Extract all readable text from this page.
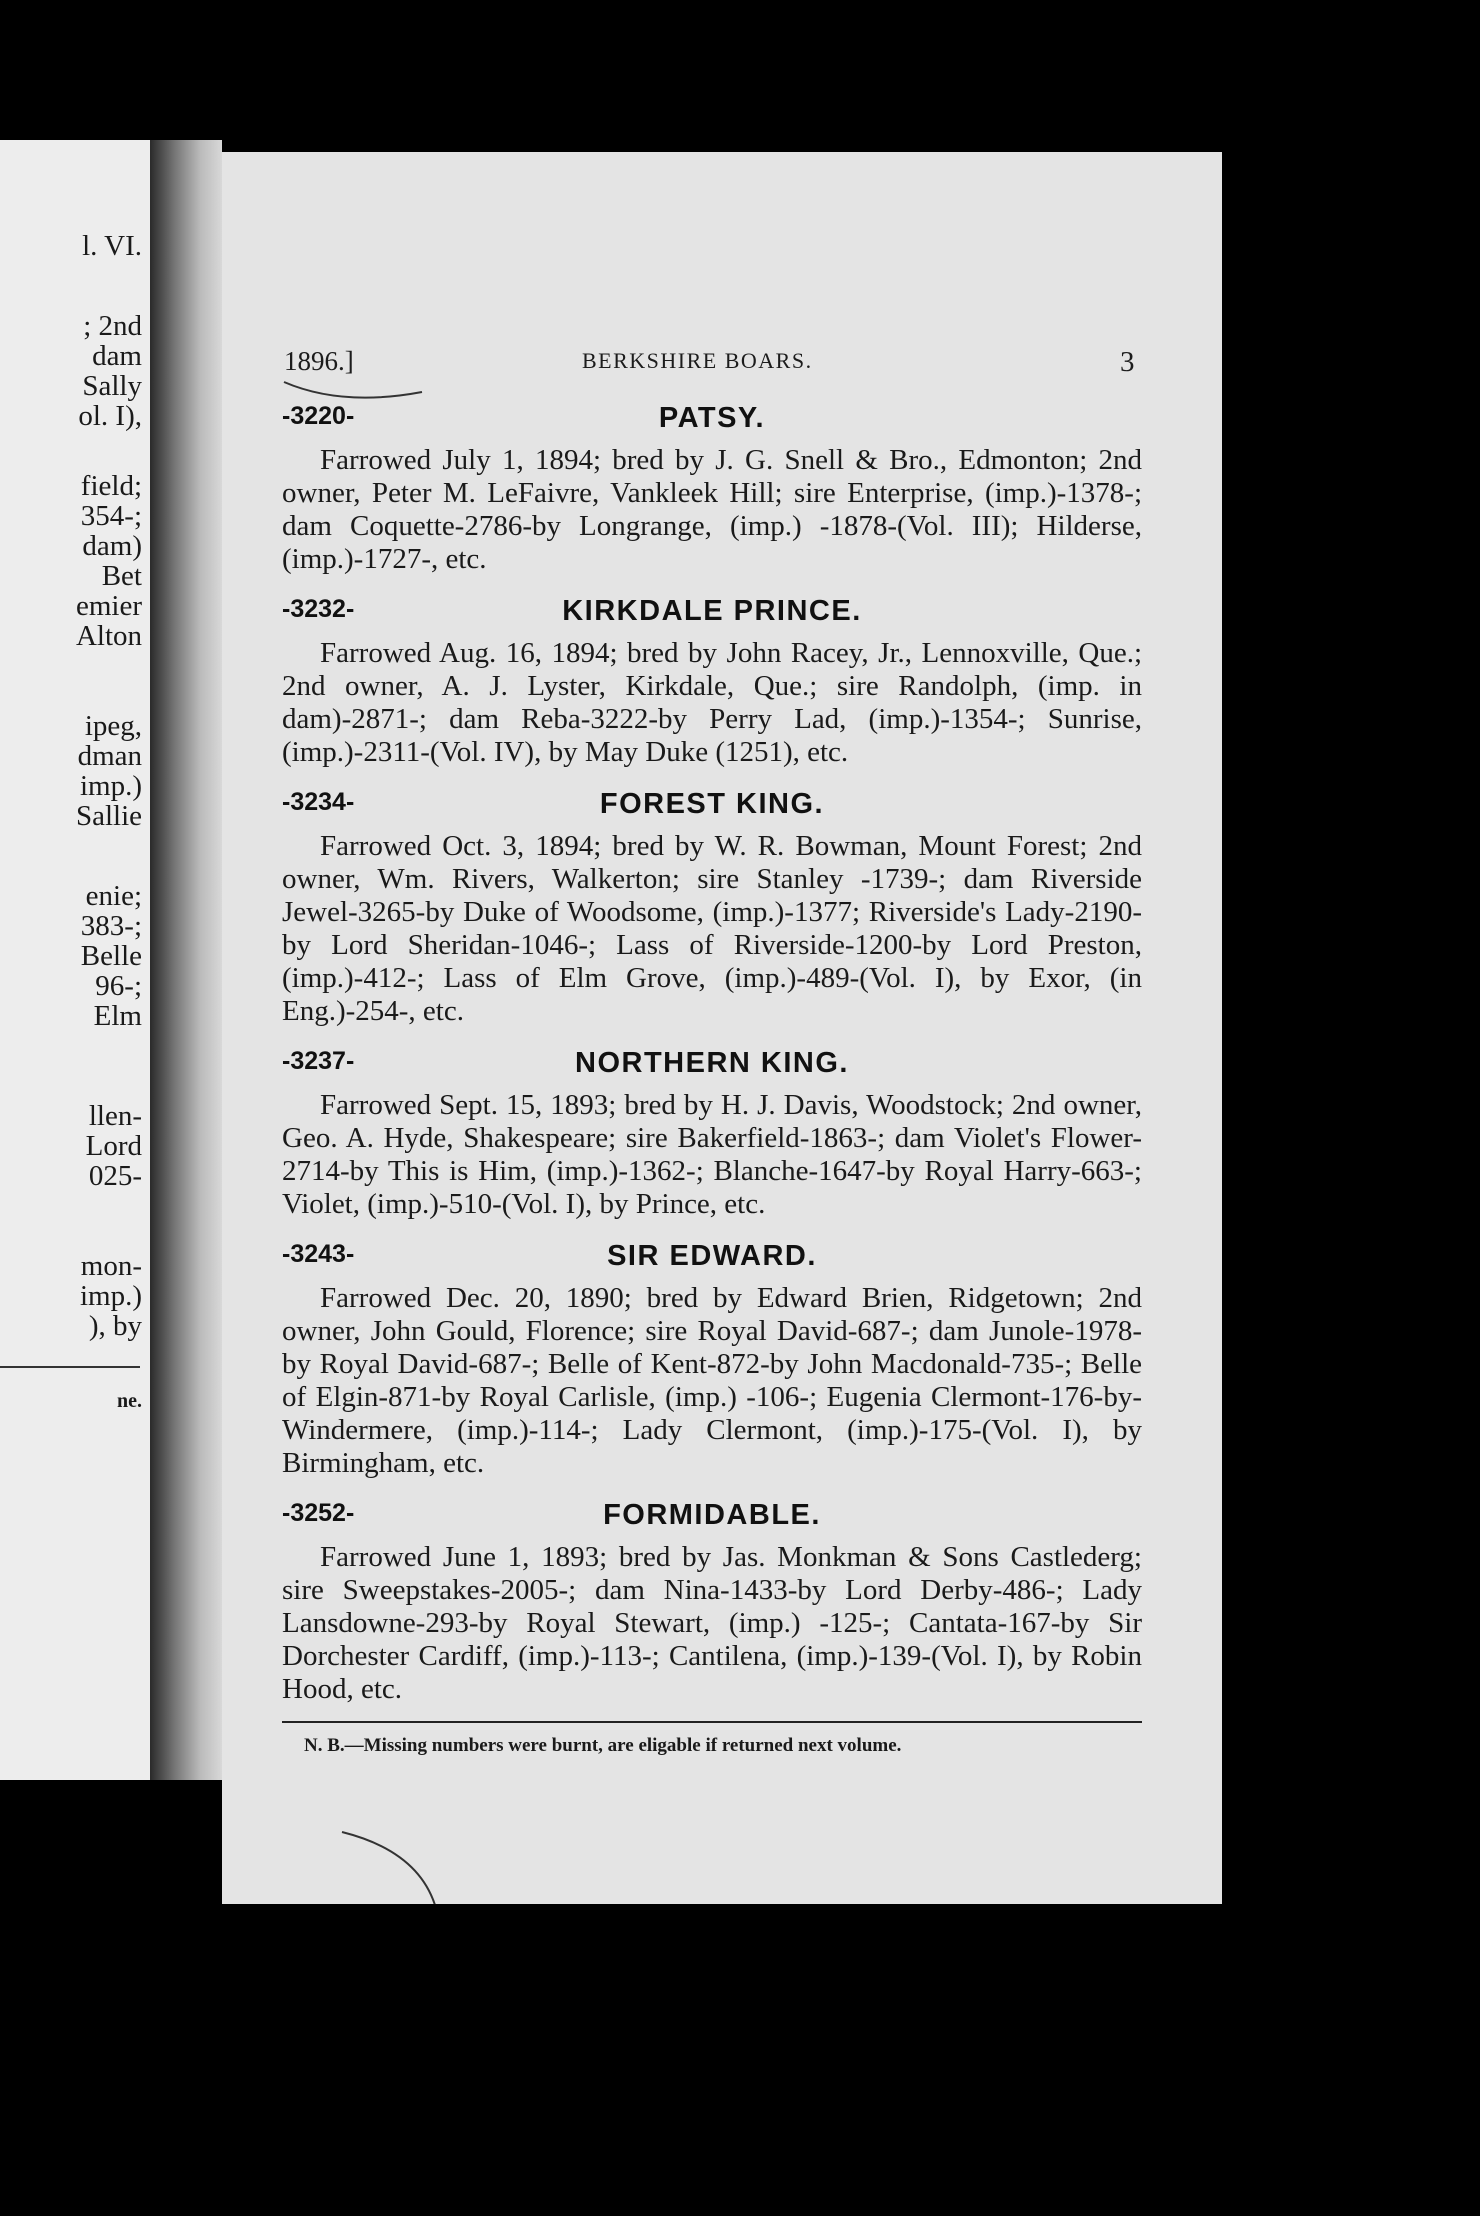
l. VI.
; 2nd
dam
Sally
ol. I),
field;
354-;
dam)
Bet
emier
Alton
ipeg,
dman
imp.)
Sallie
enie;
383-;
Belle
96-;
Elm
llen-
Lord
025-
mon-
imp.)
), by
ne.
1896.]	BERKSHIRE BOARS.	3
-3220-	PATSY.

Farrowed July 1, 1894; bred by J. G. Snell & Bro., Edmonton; 2nd owner, Peter M. LeFaivre, Vankleek Hill; sire Enterprise, (imp.)-1378-; dam Coquette-2786-by Longrange, (imp.) -1878-(Vol. III); Hilderse, (imp.)-1727-, etc.

-3232-	KIRKDALE PRINCE.

Farrowed Aug. 16, 1894; bred by John Racey, Jr., Lennoxville, Que.; 2nd owner, A. J. Lyster, Kirkdale, Que.; sire Randolph, (imp. in dam)-2871-; dam Reba-3222-by Perry Lad, (imp.)-1354-; Sunrise, (imp.)-2311-(Vol. IV), by May Duke (1251), etc.

-3234-	FOREST KING.

Farrowed Oct. 3, 1894; bred by W. R. Bowman, Mount Forest; 2nd owner, Wm. Rivers, Walkerton; sire Stanley -1739-; dam Riverside Jewel-3265-by Duke of Woodsome, (imp.)-1377; Riverside's Lady-2190-by Lord Sheridan-1046-; Lass of Riverside-1200-by Lord Preston, (imp.)-412-; Lass of Elm Grove, (imp.)-489-(Vol. I), by Exor, (in Eng.)-254-, etc.

-3237-	NORTHERN KING.

Farrowed Sept. 15, 1893; bred by H. J. Davis, Woodstock; 2nd owner, Geo. A. Hyde, Shakespeare; sire Bakerfield-1863-; dam Violet's Flower-2714-by This is Him, (imp.)-1362-; Blanche-1647-by Royal Harry-663-; Violet, (imp.)-510-(Vol. I), by Prince, etc.

-3243-	SIR EDWARD.

Farrowed Dec. 20, 1890; bred by Edward Brien, Ridgetown; 2nd owner, John Gould, Florence; sire Royal David-687-; dam Junole-1978-by Royal David-687-; Belle of Kent-872-by John Macdonald-735-; Belle of Elgin-871-by Royal Carlisle, (imp.) -106-; Eugenia Clermont-176-by-Windermere, (imp.)-114-; Lady Clermont, (imp.)-175-(Vol. I), by Birmingham, etc.

-3252-	FORMIDABLE.

Farrowed June 1, 1893; bred by Jas. Monkman & Sons Castlederg; sire Sweepstakes-2005-; dam Nina-1433-by Lord Derby-486-; Lady Lansdowne-293-by Royal Stewart, (imp.) -125-; Cantata-167-by Sir Dorchester Cardiff, (imp.)-113-; Cantilena, (imp.)-139-(Vol. I), by Robin Hood, etc.

N. B.—Missing numbers were burnt, are eligable if returned next volume.
